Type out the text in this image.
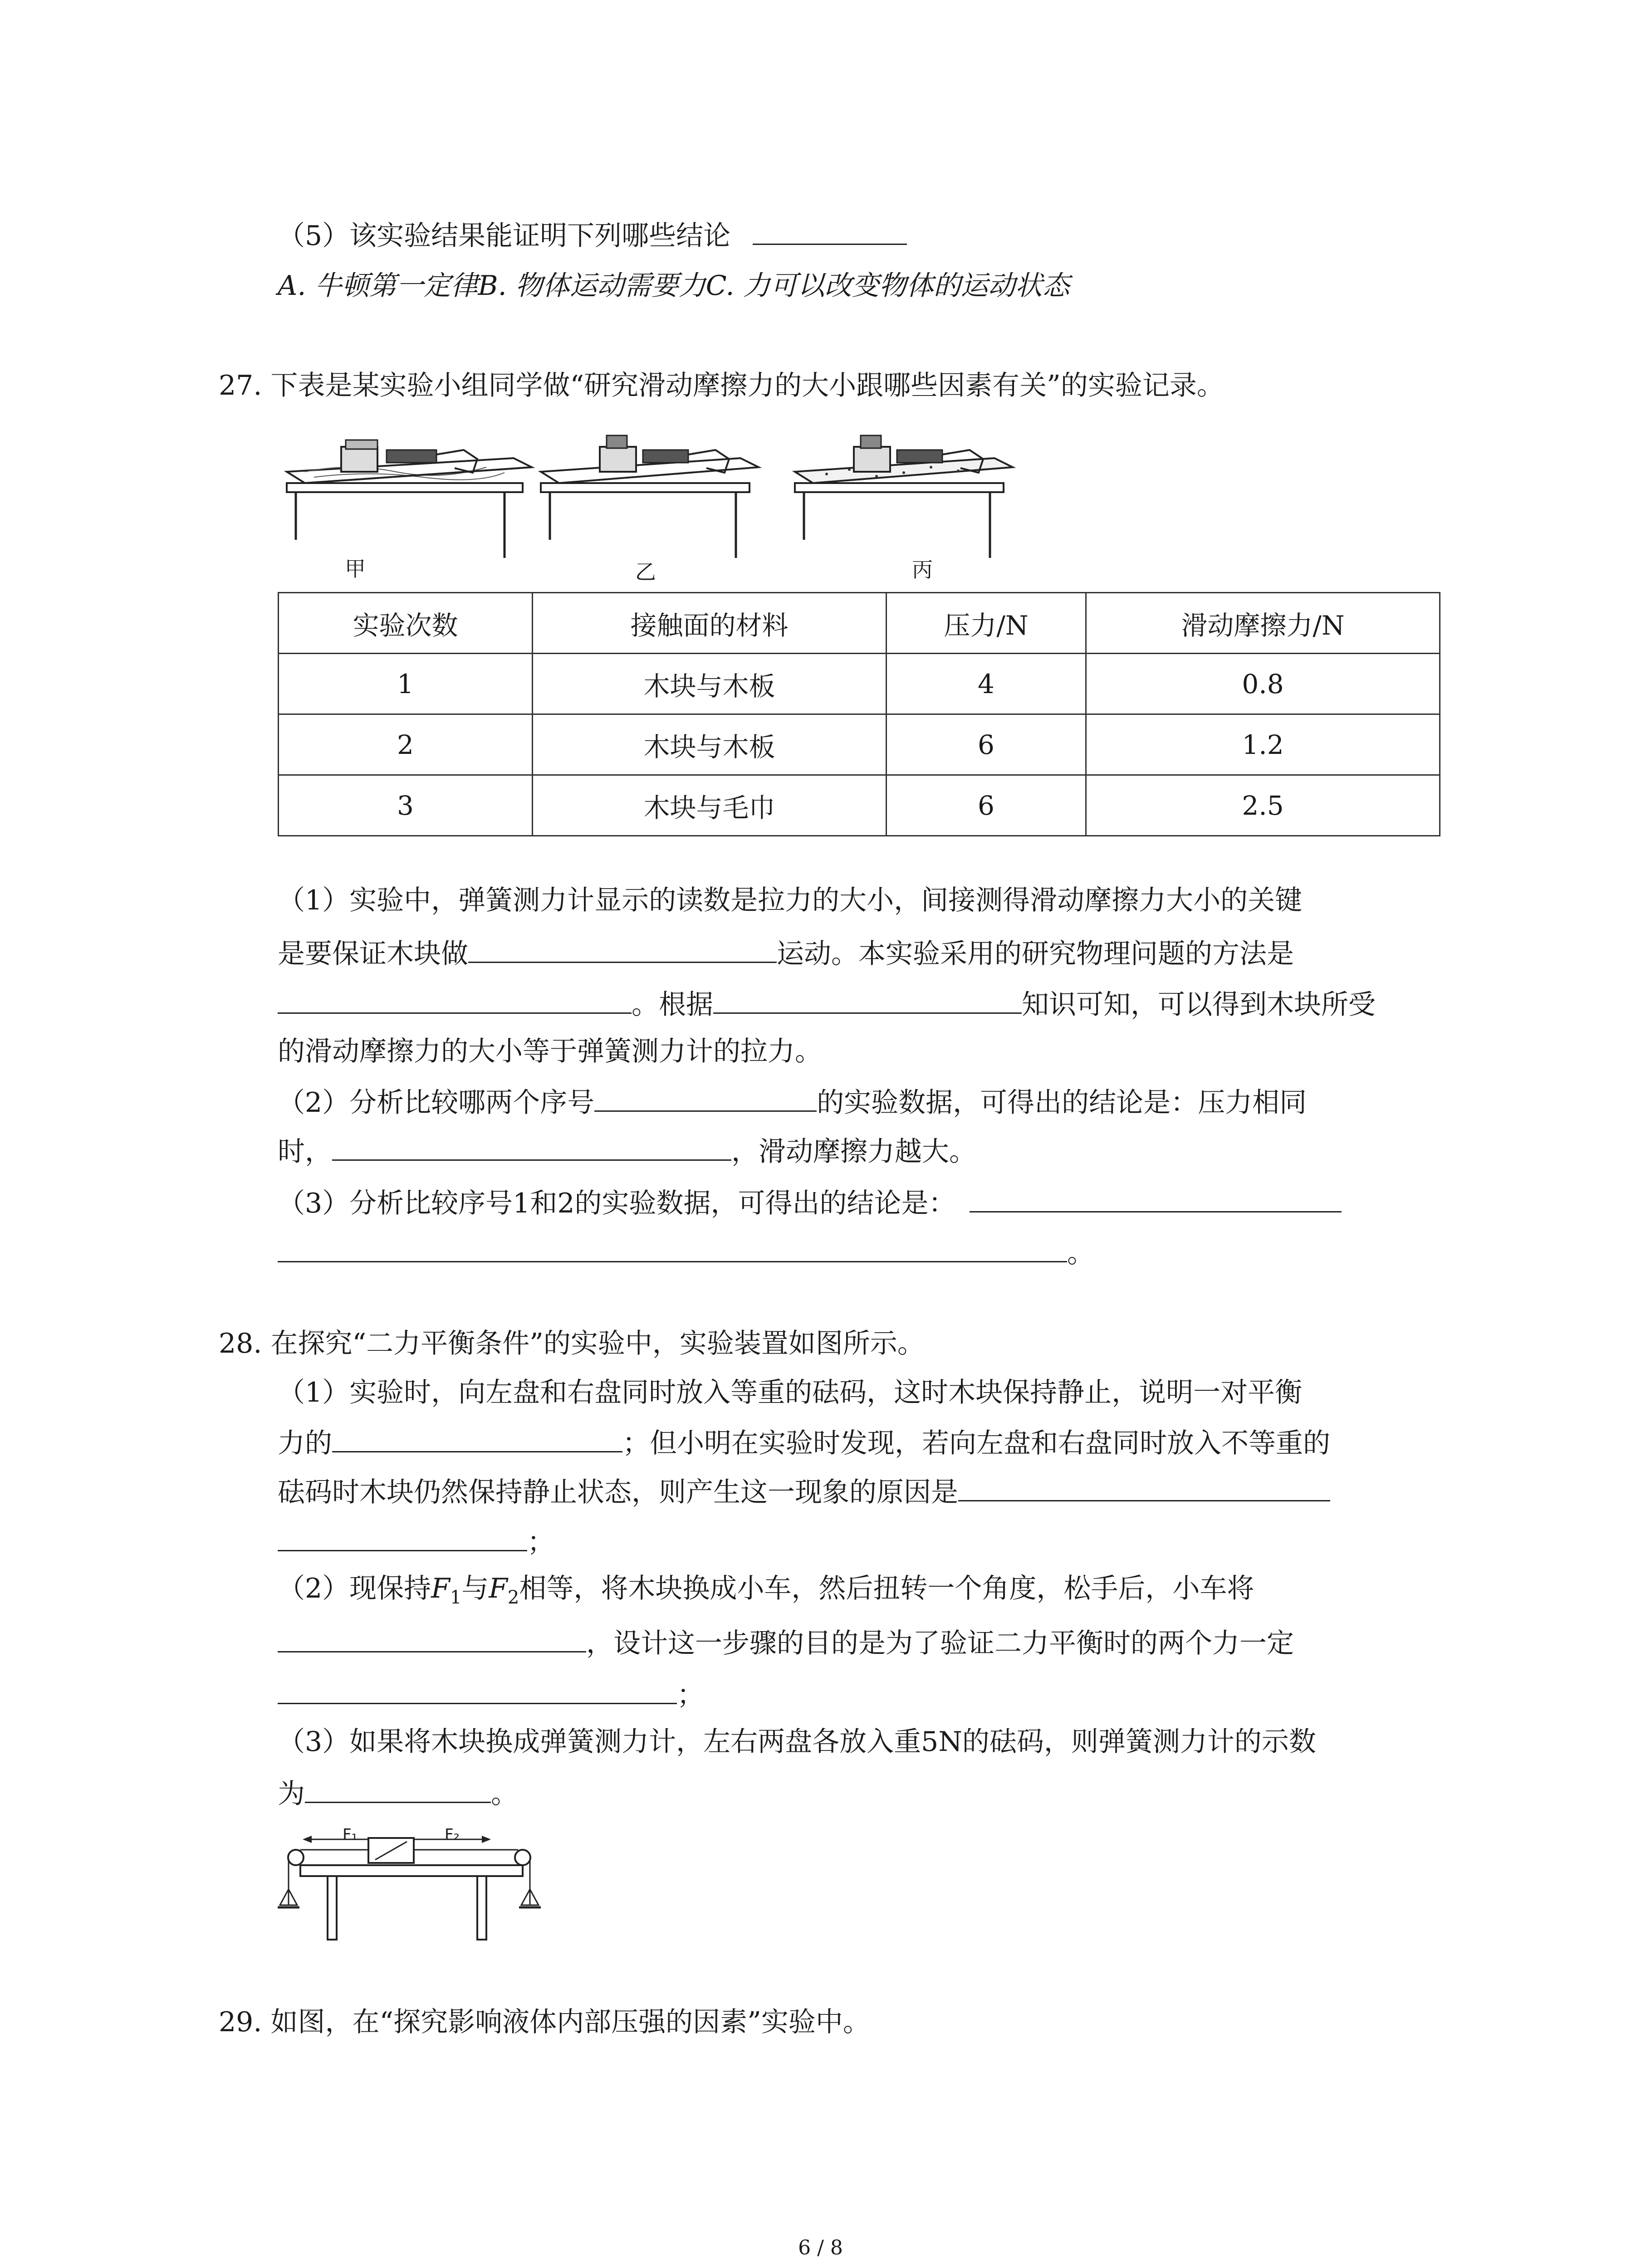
（5）该实验结果能证明下列哪些结论
A. 牛顿第一定律B. 物体运动需要力C. 力可以改变物体的运动状态
27. 下表是某实验小组同学做“研究滑动摩擦力的大小跟哪些因素有关”的实验记录。
甲	乙	丙
实验次数	接触面的材料	压力/N	滑动摩擦力/N
1	木块与木板	4	0.8
2	木块与木板	6	1.2
3	木块与毛巾	6	2.5
（1）实验中，弹簧测力计显示的读数是拉力的大小，间接测得滑动摩擦力大小的关键
是要保证木块做	运动。本实验采用的研究物理问题的方法是
。根据	知识可知，可以得到木块所受
的滑动摩擦力的大小等于弹簧测力计的拉力。
（2）分析比较哪两个序号	的实验数据，可得出的结论是：压力相同
时，	，滑动摩擦力越大。
（3）分析比较序号1和2的实验数据，可得出的结论是：
。
28. 在探究“二力平衡条件”的实验中，实验装置如图所示。
（1）实验时，向左盘和右盘同时放入等重的砝码，这时木块保持静止，说明一对平衡
力的	；但小明在实验时发现，若向左盘和右盘同时放入不等重的
砝码时木块仍然保持静止状态，则产生这一现象的原因是
；
（2）现保持$F_1$与$F_2$相等，将木块换成小车，然后扭转一个角度，松手后，小车将
，设计这一步骤的目的是为了验证二力平衡时的两个力一定
；
（3）如果将木块换成弹簧测力计，左右两盘各放入重5N的砝码，则弹簧测力计的示数
为	。
F₁	F₂
29. 如图，在“探究影响液体内部压强的因素”实验中。
6 / 8
